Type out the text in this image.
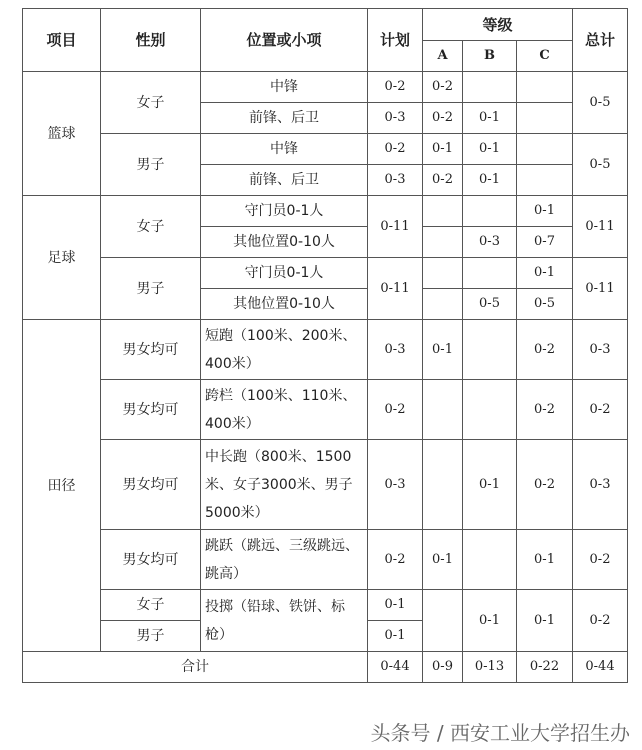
项目	性别	位置或小项	计划	等级			总计
				A	B	C	
篮球	女子	中锋	0-2	0-2			0-5
		前锋、后卫	0-3	0-2	0-1		
	男子	中锋	0-2	0-1	0-1		0-5
		前锋、后卫	0-3	0-2	0-1		
足球	女子	守门员0-1人	0-11			0-1	0-11
		其他位置0-10人			0-3	0-7	
	男子	守门员0-1人	0-11			0-1	0-11
		其他位置0-10人			0-5	0-5	
田径	男女均可	短跑（100米、200米、400米）	0-3	0-1		0-2	0-3
	男女均可	跨栏（100米、110米、400米）	0-2			0-2	0-2
	男女均可	中长跑（800米、1500米、女子3000米、男子5000米）	0-3		0-1	0-2	0-3
	男女均可	跳跃（跳远、三级跳远、跳高）	0-2	0-1		0-1	0-2
	女子	投掷（铅球、铁饼、标枪）	0-1		0-1	0-1	0-2
	男子		0-1				
合计			0-44	0-9	0-13	0-22	0-44
头条号 / 西安工业大学招生办
